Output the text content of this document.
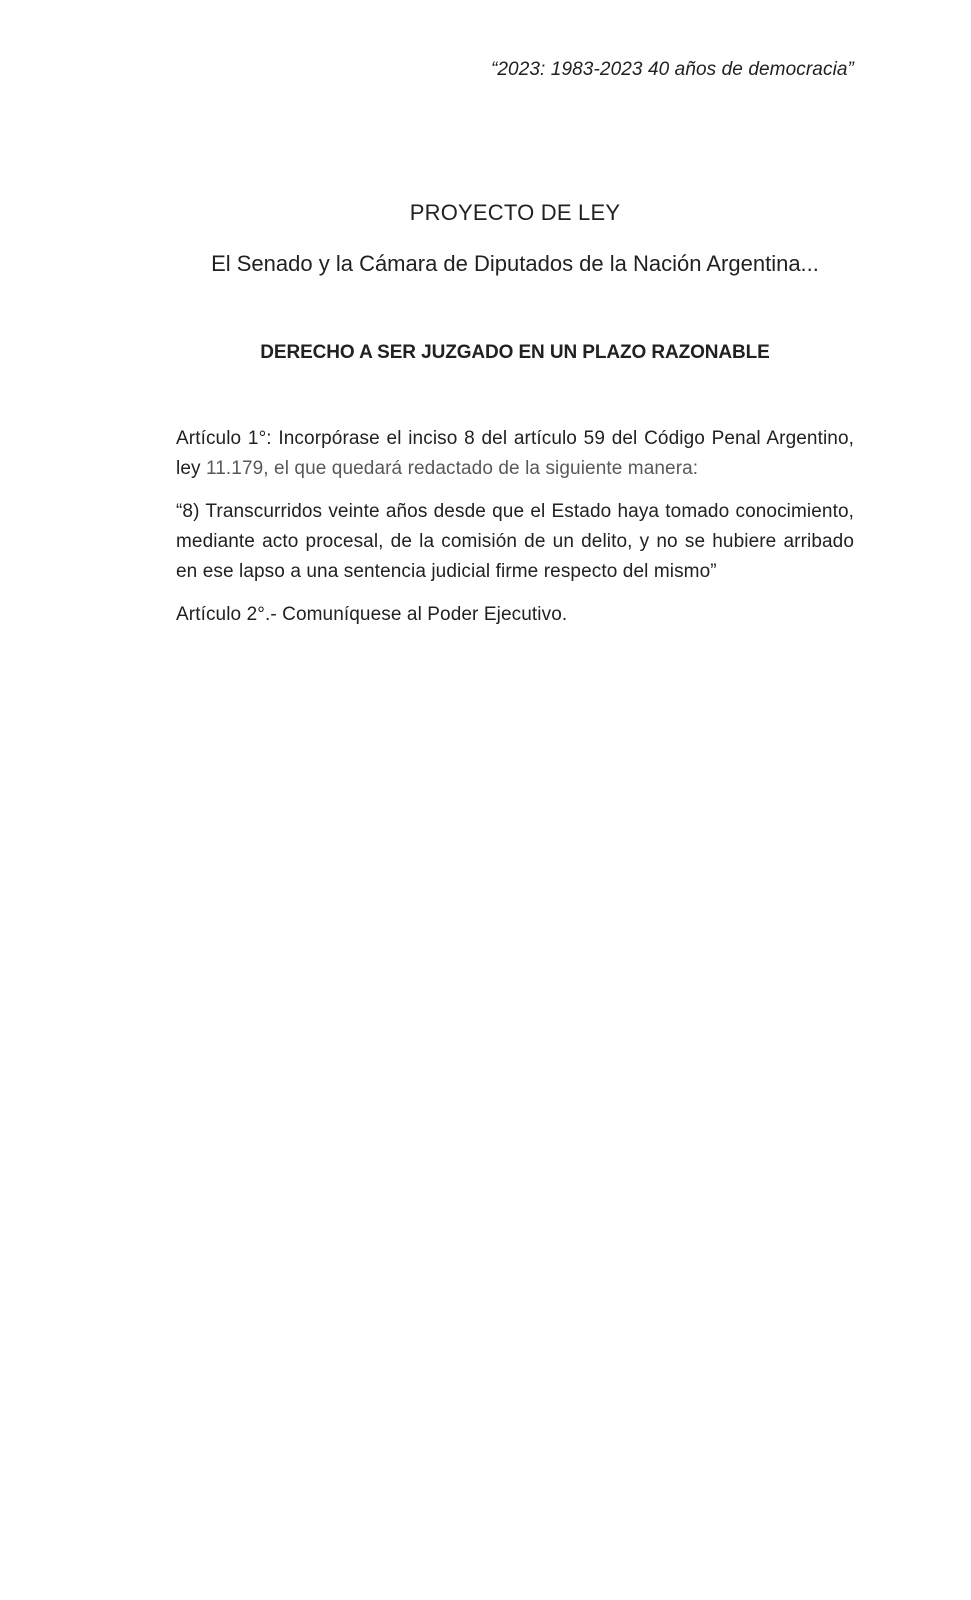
“2023: 1983-2023 40 años de democracia”
PROYECTO DE LEY
El Senado y la Cámara de Diputados de la Nación Argentina...
DERECHO A SER JUZGADO EN UN PLAZO RAZONABLE

Artículo 1°: Incorpórase el inciso 8 del artículo 59 del Código Penal Argentino, ley 11.179, el que quedará redactado de la siguiente manera:

“8) Transcurridos veinte años desde que el Estado haya tomado conocimiento, mediante acto procesal, de la comisión de un delito, y no se hubiere arribado en ese lapso a una sentencia judicial firme respecto del mismo”

Artículo 2°.- Comuníquese al Poder Ejecutivo.
